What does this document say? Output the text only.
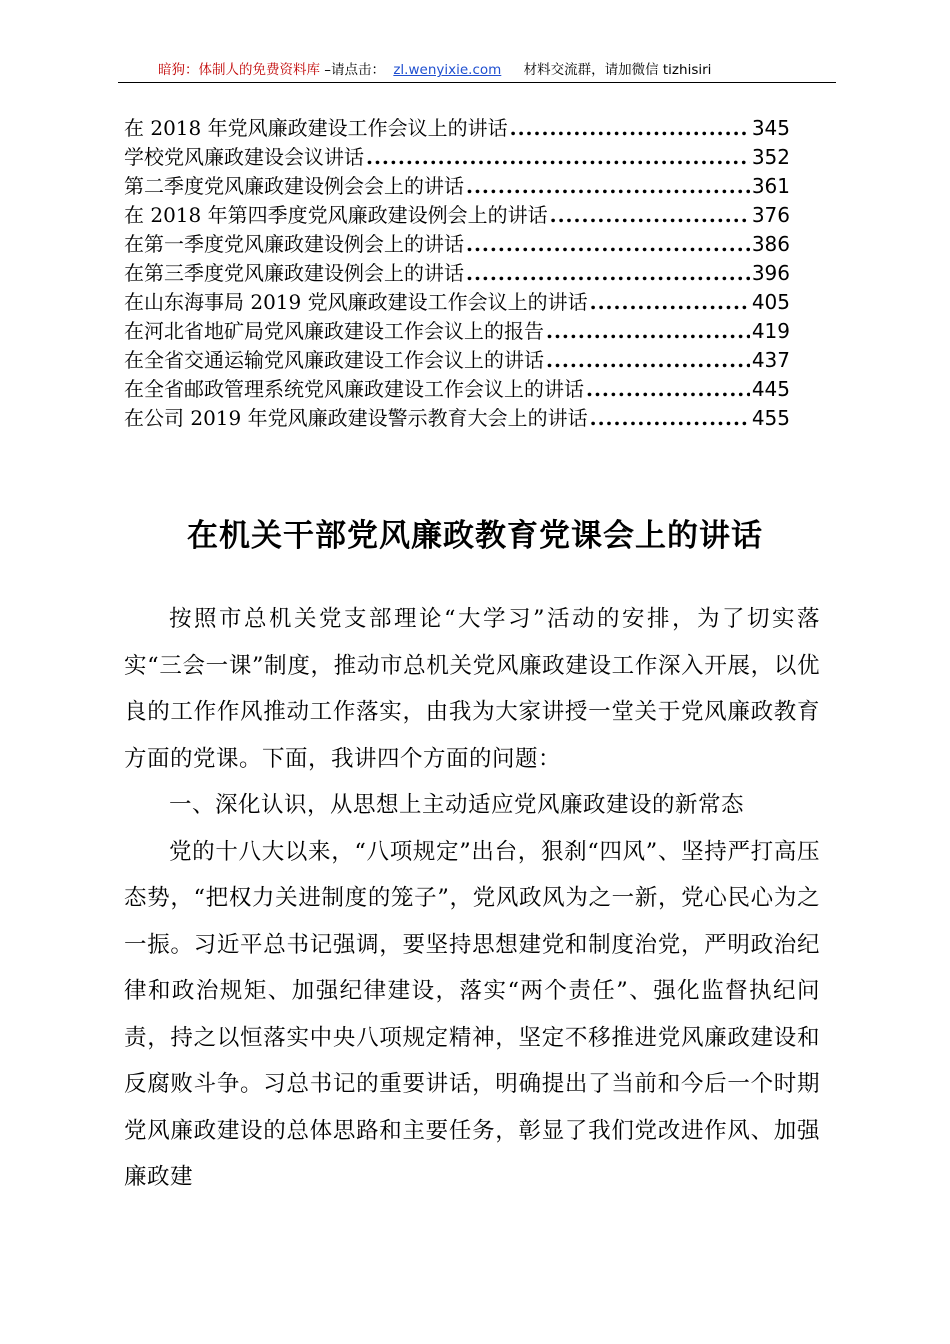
暗狗：体制人的免费资料库 –请点击： zl.wenyixie.com 材料交流群，请加微信 tizhisiri
在 2018 年党风廉政建设工作会议上的讲话 .....	345
学校党风廉政建设会议讲话 .....	352
第二季度党风廉政建设例会会上的讲话 .....	361
在 2018 年第四季度党风廉政建设例会上的讲话 .....	376
在第一季度党风廉政建设例会上的讲话 .....	386
在第三季度党风廉政建设例会上的讲话 .....	396
在山东海事局 2019 党风廉政建设工作会议上的讲话 .....	405
在河北省地矿局党风廉政建设工作会议上的报告 .....	419
在全省交通运输党风廉政建设工作会议上的讲话 .....	437
在全省邮政管理系统党风廉政建设工作会议上的讲话 .....	445
在公司 2019 年党风廉政建设警示教育大会上的讲话 .....	455
在机关干部党风廉政教育党课会上的讲话

按照市总机关党支部理论“大学习”活动的安排，为了切实落实“三会一课”制度，推动市总机关党风廉政建设工作深入开展，以优良的工作作风推动工作落实，由我为大家讲授一堂关于党风廉政教育方面的党课。下面，我讲四个方面的问题：

一、深化认识，从思想上主动适应党风廉政建设的新常态

党的十八大以来，“八项规定”出台，狠刹“四风”、坚持严打高压态势，“把权力关进制度的笼子”，党风政风为之一新，党心民心为之一振。习近平总书记强调，要坚持思想建党和制度治党，严明政治纪律和政治规矩、加强纪律建设，落实“两个责任”、强化监督执纪问责，持之以恒落实中央八项规定精神，坚定不移推进党风廉政建设和反腐败斗争。习总书记的重要讲话，明确提出了当前和今后一个时期党风廉政建设的总体思路和主要任务，彰显了我们党改进作风、加强廉政建
